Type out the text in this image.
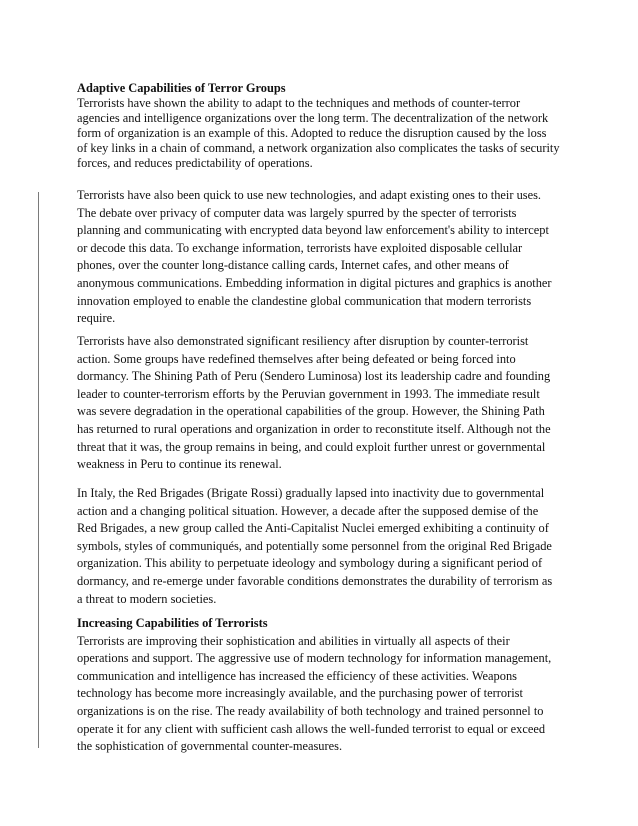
Adaptive Capabilities of Terror Groups
Terrorists have shown the ability to adapt to the techniques and methods of counter-terror
agencies and intelligence organizations over the long term. The decentralization of the network
form of organization is an example of this. Adopted to reduce the disruption caused by the loss
of key links in a chain of command, a network organization also complicates the tasks of security
forces, and reduces predictability of operations.
Terrorists have also been quick to use new technologies, and adapt existing ones to their uses.
The debate over privacy of computer data was largely spurred by the specter of terrorists
planning and communicating with encrypted data beyond law enforcement's ability to intercept
or decode this data. To exchange information, terrorists have exploited disposable cellular
phones, over the counter long-distance calling cards, Internet cafes, and other means of
anonymous communications. Embedding information in digital pictures and graphics is another
innovation employed to enable the clandestine global communication that modern terrorists
require.
Terrorists have also demonstrated significant resiliency after disruption by counter-terrorist
action. Some groups have redefined themselves after being defeated or being forced into
dormancy. The Shining Path of Peru (Sendero Luminosa) lost its leadership cadre and founding
leader to counter-terrorism efforts by the Peruvian government in 1993. The immediate result
was severe degradation in the operational capabilities of the group. However, the Shining Path
has returned to rural operations and organization in order to reconstitute itself. Although not the
threat that it was, the group remains in being, and could exploit further unrest or governmental
weakness in Peru to continue its renewal.
In Italy, the Red Brigades (Brigate Rossi) gradually lapsed into inactivity due to governmental
action and a changing political situation. However, a decade after the supposed demise of the
Red Brigades, a new group called the Anti-Capitalist Nuclei emerged exhibiting a continuity of
symbols, styles of communiqués, and potentially some personnel from the original Red Brigade
organization. This ability to perpetuate ideology and symbology during a significant period of
dormancy, and re-emerge under favorable conditions demonstrates the durability of terrorism as
a threat to modern societies.
Increasing Capabilities of Terrorists
Terrorists are improving their sophistication and abilities in virtually all aspects of their
operations and support. The aggressive use of modern technology for information management,
communication and intelligence has increased the efficiency of these activities. Weapons
technology has become more increasingly available, and the purchasing power of terrorist
organizations is on the rise. The ready availability of both technology and trained personnel to
operate it for any client with sufficient cash allows the well-funded terrorist to equal or exceed
the sophistication of governmental counter-measures.
